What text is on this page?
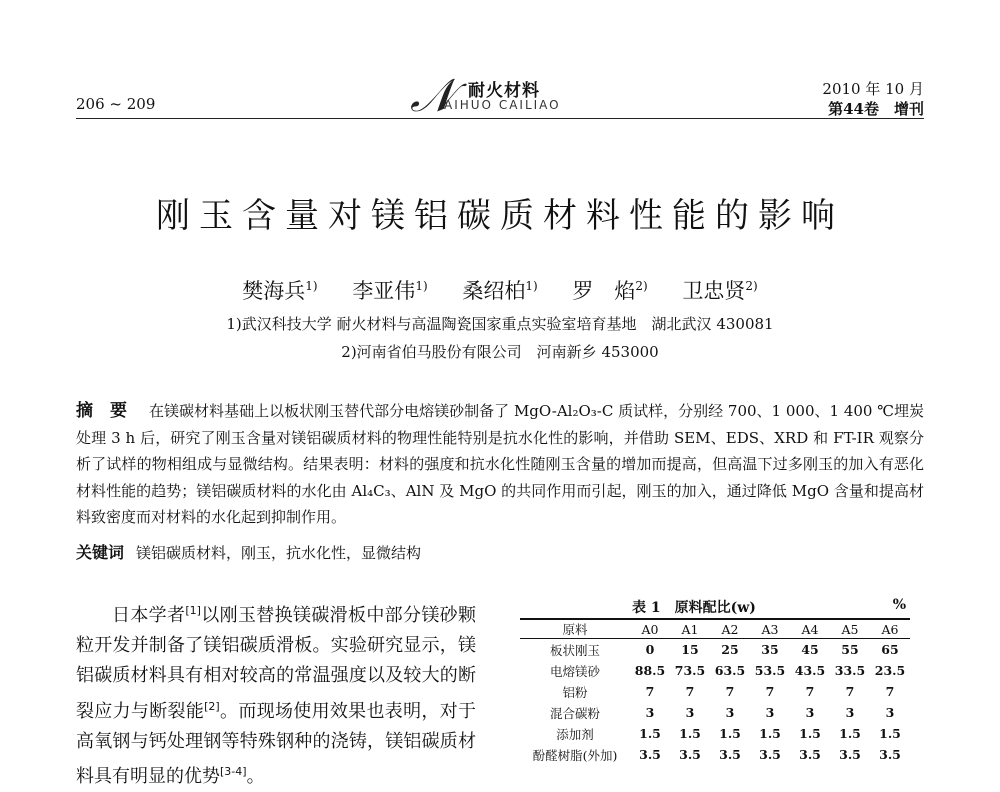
206 ~ 209	𝒩 耐火材料
AIHUO CAILIAO
2010 年 10 月
第44卷　增刊
刚玉含量对镁铝碳质材料性能的影响
樊海兵$^{1)}$ 李亚伟$^{1)}$ 桑绍柏$^{1)}$ 罗　焰$^{2)}$ 卫忠贤$^{2)}$
1)武汉科技大学 耐火材料与高温陶瓷国家重点实验室培育基地　湖北武汉 430081
2)河南省伯马股份有限公司　河南新乡 453000
摘　要 在镁碳材料基础上以板状刚玉替代部分电熔镁砂制备了 MgO-Al₂O₃-C 质试样，分别经 700、1 000、1 400 ℃埋炭处理 3 h 后，研究了刚玉含量对镁铝碳质材料的物理性能特别是抗水化性的影响，并借助 SEM、EDS、XRD 和 FT-IR 观察分析了试样的物相组成与显微结构。结果表明：材料的强度和抗水化性随刚玉含量的增加而提高，但高温下过多刚玉的加入有恶化材料性能的趋势；镁铝碳质材料的水化由 Al₄C₃、AlN 及 MgO 的共同作用而引起，刚玉的加入，通过降低 MgO 含量和提高材料致密度而对材料的水化起到抑制作用。
关键词 镁铝碳质材料，刚玉，抗水化性，显微结构
日本学者[1]以刚玉替换镁碳滑板中部分镁砂颗粒开发并制备了镁铝碳质滑板。实验研究显示，镁铝碳质材料具有相对较高的常温强度以及较大的断裂应力与断裂能[2]。而现场使用效果也表明，对于高氧钢与钙处理钢等特殊钢种的浇铸，镁铝碳质材料具有明显的优势[3-4]。
表 1　原料配比(w)	%
原料	A0	A1	A2	A3	A4	A5	A6
板状刚玉	0	15	25	35	45	55	65
电熔镁砂	88.5	73.5	63.5	53.5	43.5	33.5	23.5
铝粉	7	7	7	7	7	7	7
混合碳粉	3	3	3	3	3	3	3
添加剂	1.5	1.5	1.5	1.5	1.5	1.5	1.5
酚醛树脂(外加)	3.5	3.5	3.5	3.5	3.5	3.5	3.5
